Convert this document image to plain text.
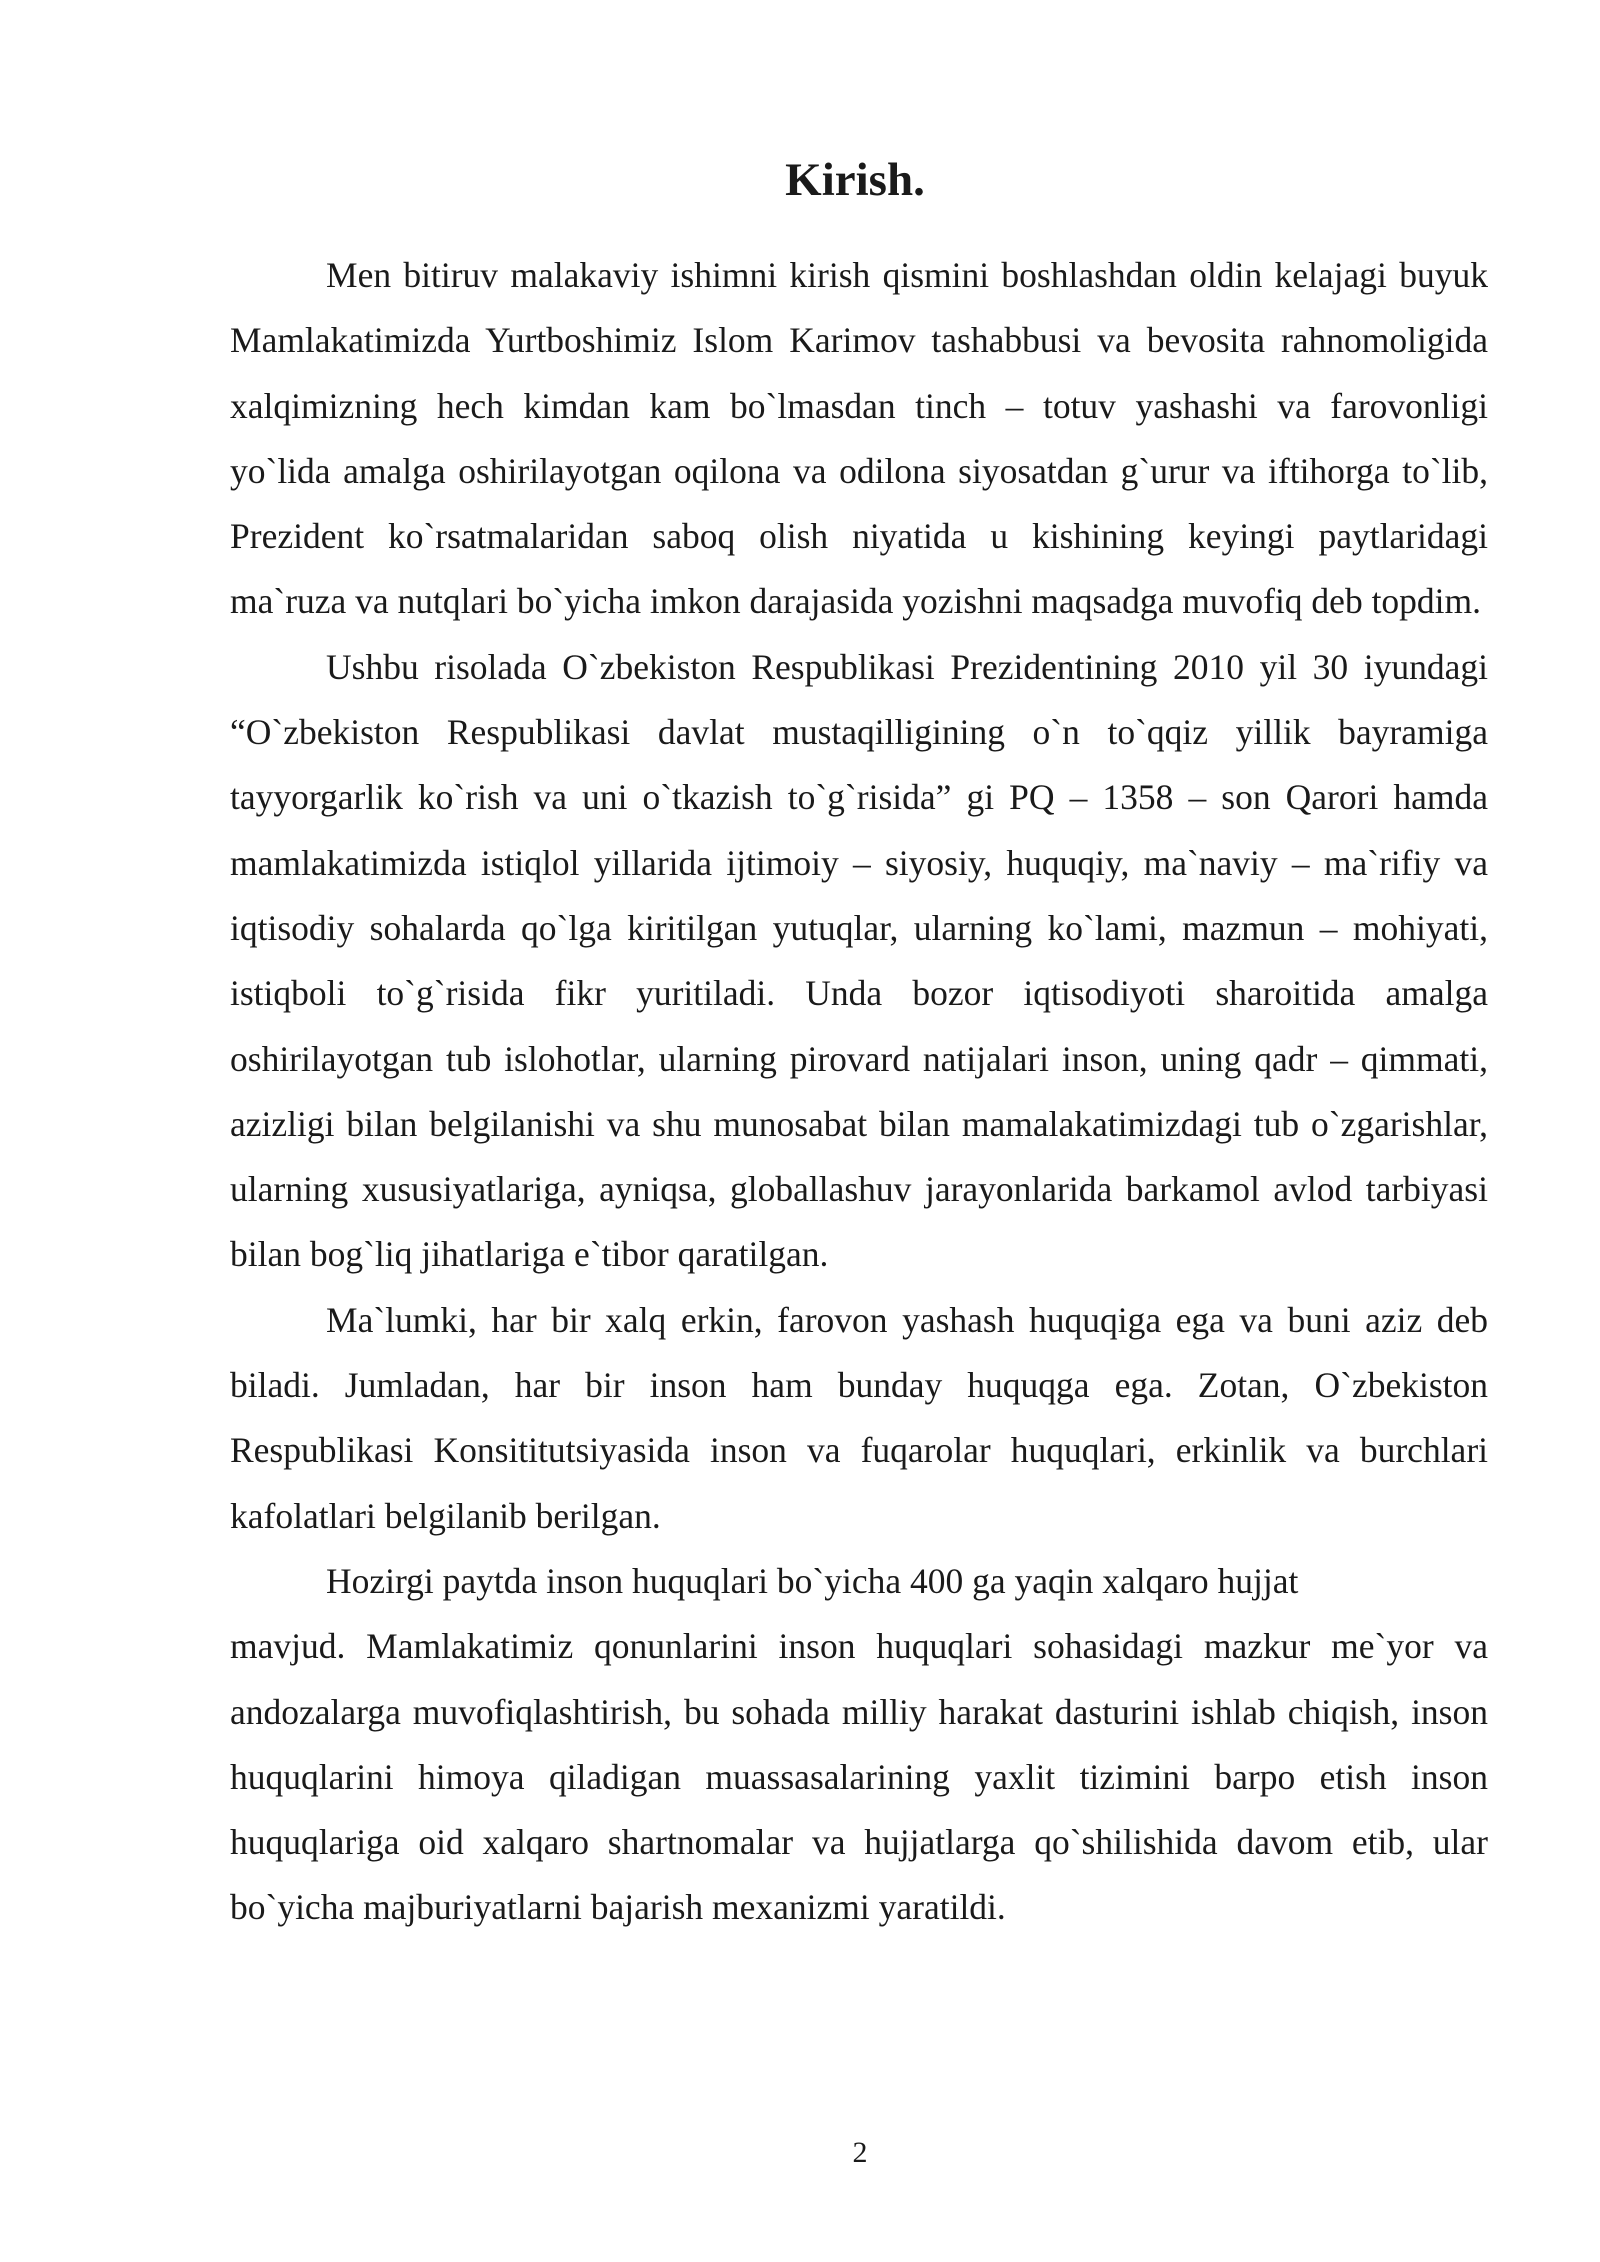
Kirish.

Men bitiruv malakaviy ishimni kirish qismini boshlashdan oldin kelajagi buyuk Mamlakatimizda Yurtboshimiz Islom Karimov tashabbusi va bevosita rahnomoligida xalqimizning hech kimdan kam bo`lmasdan tinch – totuv yashashi va farovonligi yo`lida amalga oshirilayotgan oqilona va odilona siyosatdan g`urur va iftihorga to`lib, Prezident ko`rsatmalaridan saboq olish niyatida u kishining keyingi paytlaridagi ma`ruza va nutqlari bo`yicha imkon darajasida yozishni maqsadga muvofiq deb topdim.

Ushbu risolada O`zbekiston Respublikasi Prezidentining 2010 yil 30 iyundagi “O`zbekiston Respublikasi davlat mustaqilligining o`n to`qqiz yillik bayramiga tayyorgarlik ko`rish va uni o`tkazish to`g`risida” gi PQ – 1358 – son Qarori hamda mamlakatimizda istiqlol yillarida ijtimoiy – siyosiy, huquqiy, ma`naviy – ma`rifiy va iqtisodiy sohalarda qo`lga kiritilgan yutuqlar, ularning ko`lami, mazmun – mohiyati, istiqboli to`g`risida fikr yuritiladi. Unda bozor iqtisodiyoti sharoitida amalga oshirilayotgan tub islohotlar, ularning pirovard natijalari inson, uning qadr – qimmati, azizligi bilan belgilanishi va shu munosabat bilan mamalakatimizdagi tub o`zgarishlar, ularning xususiyatlariga, ayniqsa, globallashuv jarayonlarida barkamol avlod tarbiyasi bilan bog`liq jihatlariga e`tibor qaratilgan.

Ma`lumki, har bir xalq erkin, farovon yashash huquqiga ega va buni aziz deb biladi. Jumladan, har bir inson ham bunday huquqga ega. Zotan, O`zbekiston Respublikasi Konsititutsiyasida inson va fuqarolar huquqlari, erkinlik va burchlari kafolatlari belgilanib berilgan.

Hozirgi paytda inson huquqlari bo`yicha 400 ga yaqin xalqaro hujjat

mavjud. Mamlakatimiz qonunlarini inson huquqlari sohasidagi mazkur me`yor va andozalarga muvofiqlashtirish, bu sohada milliy harakat dasturini ishlab chiqish, inson huquqlarini himoya qiladigan muassasalarining yaxlit tizimini barpo etish inson huquqlariga oid xalqaro shartnomalar va hujjatlarga qo`shilishida davom etib, ular bo`yicha majburiyatlarni bajarish mexanizmi yaratildi.

2
